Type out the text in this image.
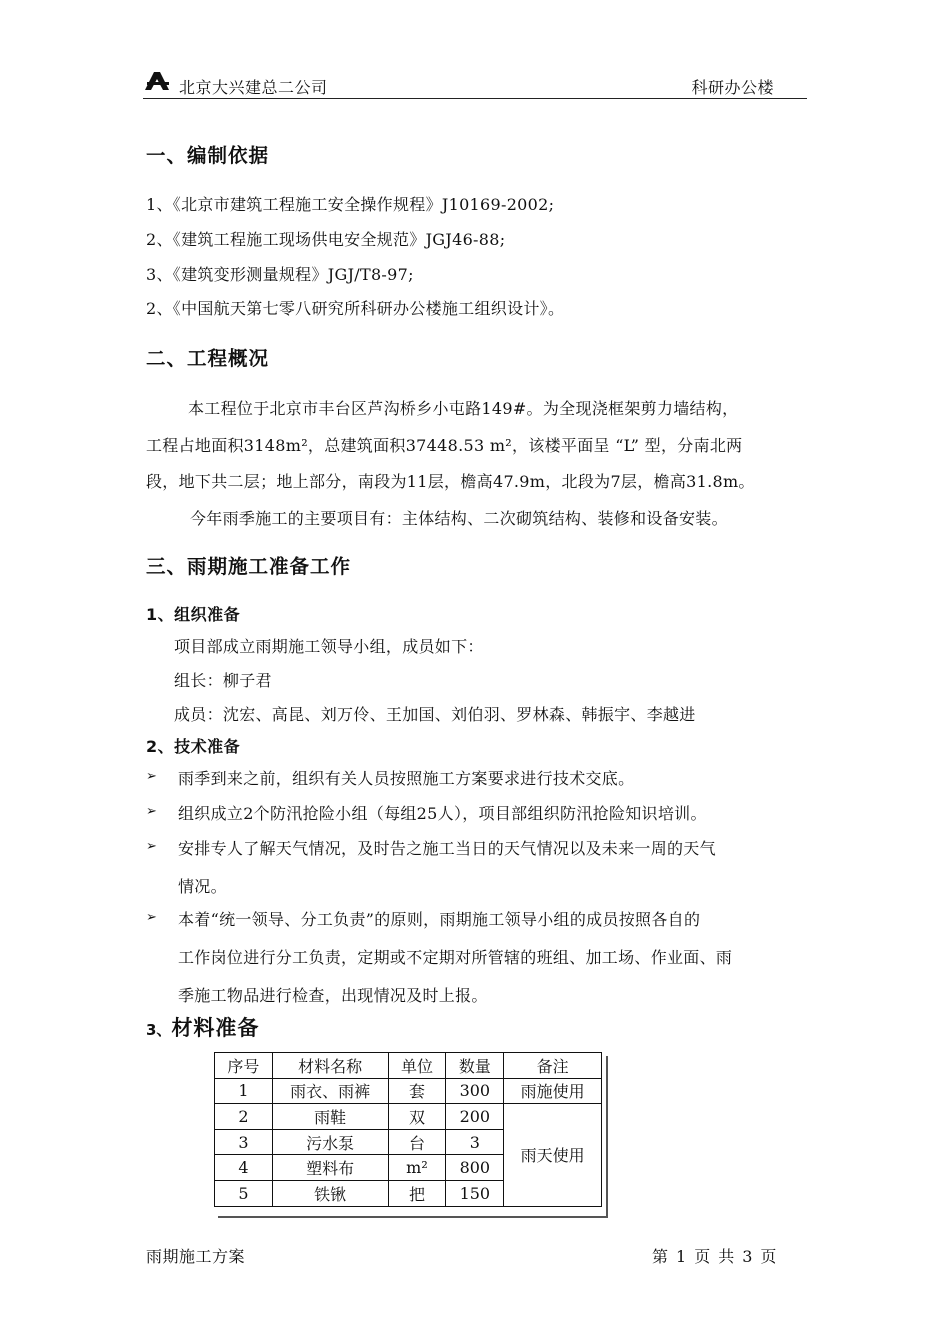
北京大兴建总二公司	科研办公楼
一、编制依据
1、《北京市建筑工程施工安全操作规程》J10169-2002;
2、《建筑工程施工现场供电安全规范》JGJ46-88;
3、《建筑变形测量规程》JGJ/T8-97;
2、《中国航天第七零八研究所科研办公楼施工组织设计》。
二、工程概况
本工程位于北京市丰台区芦沟桥乡小屯路149#。为全现浇框架剪力墙结构，
工程占地面积3148m²，总建筑面积37448.53 m²，该楼平面呈 “L” 型，分南北两
段，地下共二层；地上部分，南段为11层，檐高47.9m，北段为7层，檐高31.8m。
今年雨季施工的主要项目有：主体结构、二次砌筑结构、装修和设备安装。
三、雨期施工准备工作
1、组织准备
项目部成立雨期施工领导小组，成员如下：
组长：柳子君
成员：沈宏、高昆、刘万伶、王加国、刘伯羽、罗林森、韩振宇、李越进
2、技术准备
➢ 雨季到来之前，组织有关人员按照施工方案要求进行技术交底。
➢ 组织成立2个防汛抢险小组（每组25人），项目部组织防汛抢险知识培训。
➢ 安排专人了解天气情况，及时告之施工当日的天气情况以及未来一周的天气
情况。
➢ 本着“统一领导、分工负责”的原则，雨期施工领导小组的成员按照各自的
工作岗位进行分工负责，定期或不定期对所管辖的班组、加工场、作业面、雨
季施工物品进行检查，出现情况及时上报。
3、材料准备
序号	材料名称	单位	数量	备注
1	雨衣、雨裤	套	300	雨施使用
2	雨鞋	双	200	雨天使用
3	污水泵	台	3	
4	塑料布	m²	800	
5	铁锹	把	150	
雨期施工方案	第 1 页 共 3 页
